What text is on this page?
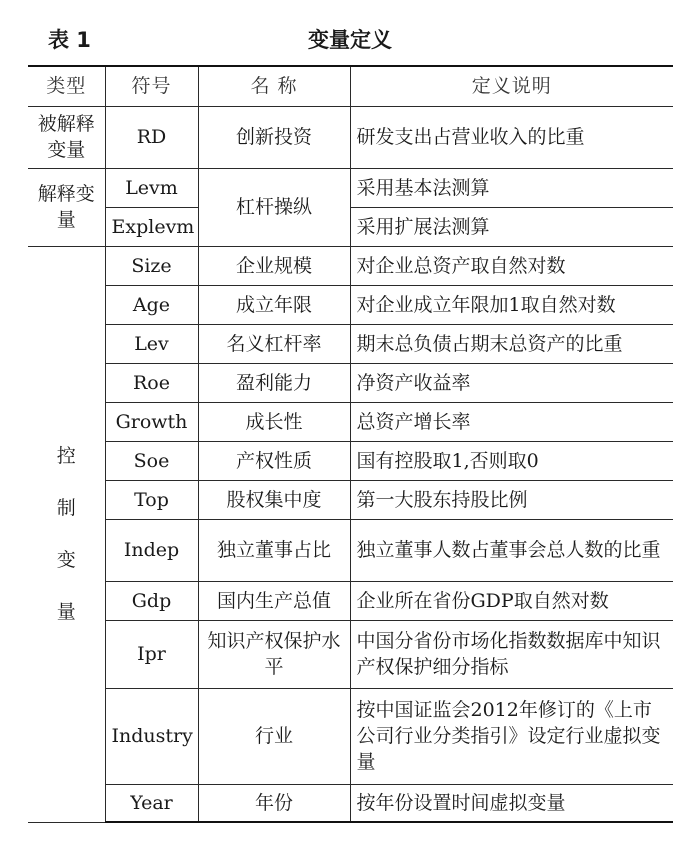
表 1	变量定义
类型	符号	名 称	定义说明
被解释变量	RD	创新投资	研发支出占营业收入的比重
解释变量	Levm	杠杆操纵	采用基本法测算
	Explevm		采用扩展法测算

控制变量	Size	企业规模	对企业总资产取自然对数
	Age	成立年限	对企业成立年限加1取自然对数
	Lev	名义杠杆率	期末总负债占期末总资产的比重
	Roe	盈利能力	净资产收益率
	Growth	成长性	总资产增长率
	Soe	产权性质	国有控股取1,否则取0
	Top	股权集中度	第一大股东持股比例
	Indep	独立董事占比	独立董事人数占董事会总人数的比重
	Gdp	国内生产总值	企业所在省份GDP取自然对数
	Ipr	知识产权保护水平	中国分省份市场化指数数据库中知识产权保护细分指标
	Industry	行业	按中国证监会2012年修订的《上市公司行业分类指引》设定行业虚拟变量
	Year	年份	按年份设置时间虚拟变量
